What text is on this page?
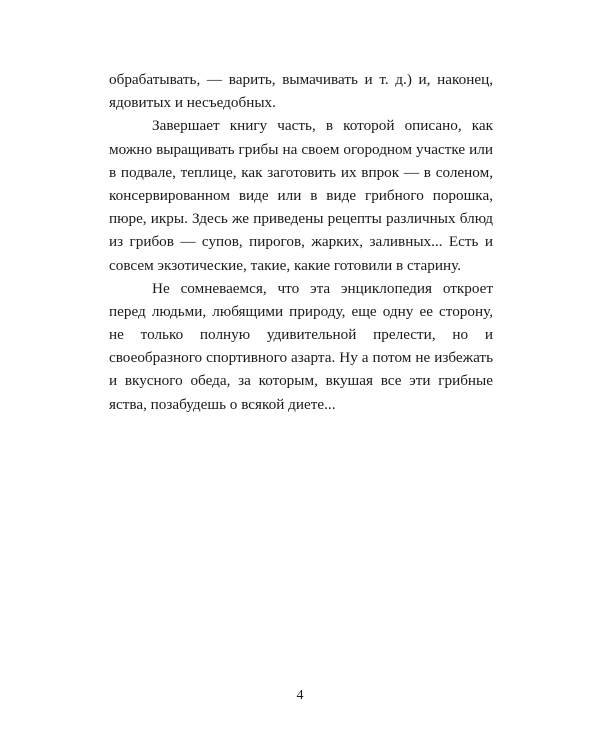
обрабатывать, — варить, вымачивать и т. д.) и, наконец,
ядовитых и несъедобных.
Завершает книгу часть, в которой описано, как
можно выращивать грибы на своем огородном участке или
в подвале, теплице, как заготовить их впрок — в соленом,
консервированном виде или в виде грибного порошка,
пюре, икры. Здесь же приведены рецепты различных блюд
из грибов — супов, пирогов, жарких, заливных... Есть и
совсем экзотические, такие, какие готовили в старину.
Не сомневаемся, что эта энциклопедия откроет
перед людьми, любящими природу, еще одну ее сторону,
не только полную удивительной прелести, но и
своеобразного спортивного азарта. Ну а потом не избежать
и вкусного обеда, за которым, вкушая все эти грибные
яства, позабудешь о всякой диете...
4
